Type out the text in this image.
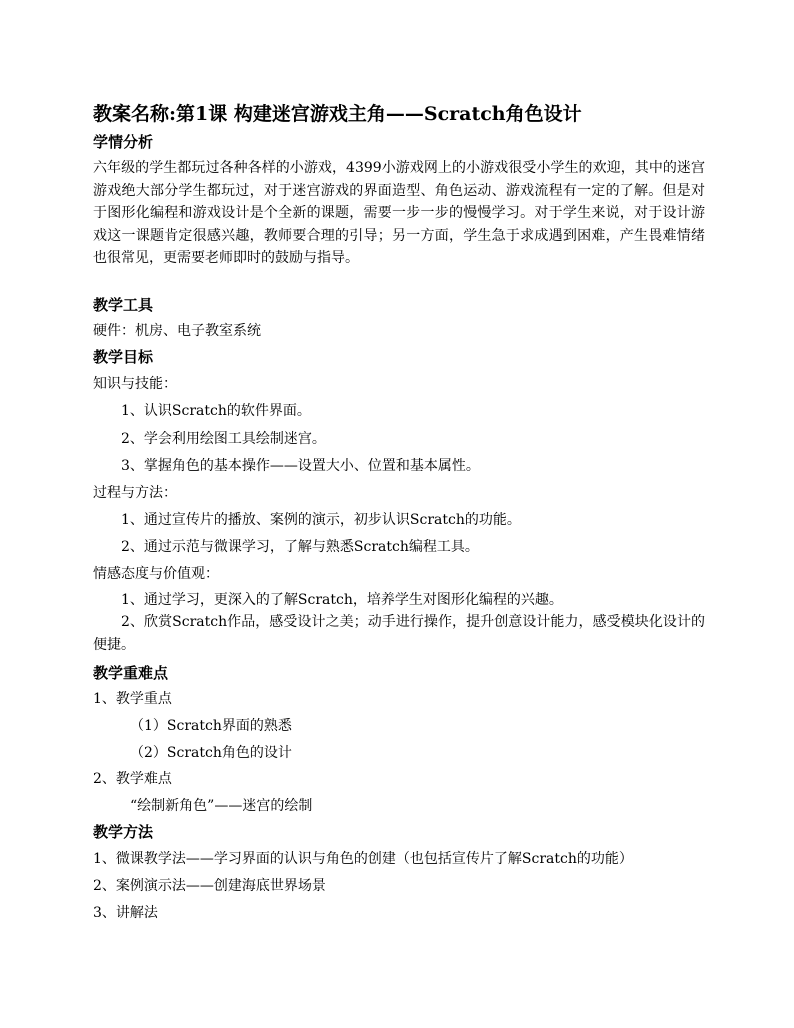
教案名称:第1课 构建迷宫游戏主角——Scratch角色设计
学情分析
六年级的学生都玩过各种各样的小游戏，4399小游戏网上的小游戏很受小学生的欢迎，其中的迷宫游戏绝大部分学生都玩过，对于迷宫游戏的界面造型、角色运动、游戏流程有一定的了解。但是对于图形化编程和游戏设计是个全新的课题，需要一步一步的慢慢学习。对于学生来说，对于设计游戏这一课题肯定很感兴趣，教师要合理的引导；另一方面，学生急于求成遇到困难，产生畏难情绪也很常见，更需要老师即时的鼓励与指导。
教学工具
硬件：机房、电子教室系统
教学目标
知识与技能：
1、认识Scratch的软件界面。
2、学会利用绘图工具绘制迷宫。
3、掌握角色的基本操作——设置大小、位置和基本属性。
过程与方法：
1、通过宣传片的播放、案例的演示，初步认识Scratch的功能。
2、通过示范与微课学习，了解与熟悉Scratch编程工具。
情感态度与价值观：
1、通过学习，更深入的了解Scratch，培养学生对图形化编程的兴趣。
2、欣赏Scratch作品，感受设计之美；动手进行操作，提升创意设计能力，感受模块化设计的便捷。
教学重难点
1、教学重点
（1）Scratch界面的熟悉
（2）Scratch角色的设计
2、教学难点
“绘制新角色”——迷宫的绘制
教学方法
1、微课教学法——学习界面的认识与角色的创建（也包括宣传片了解Scratch的功能）
2、案例演示法——创建海底世界场景
3、讲解法
